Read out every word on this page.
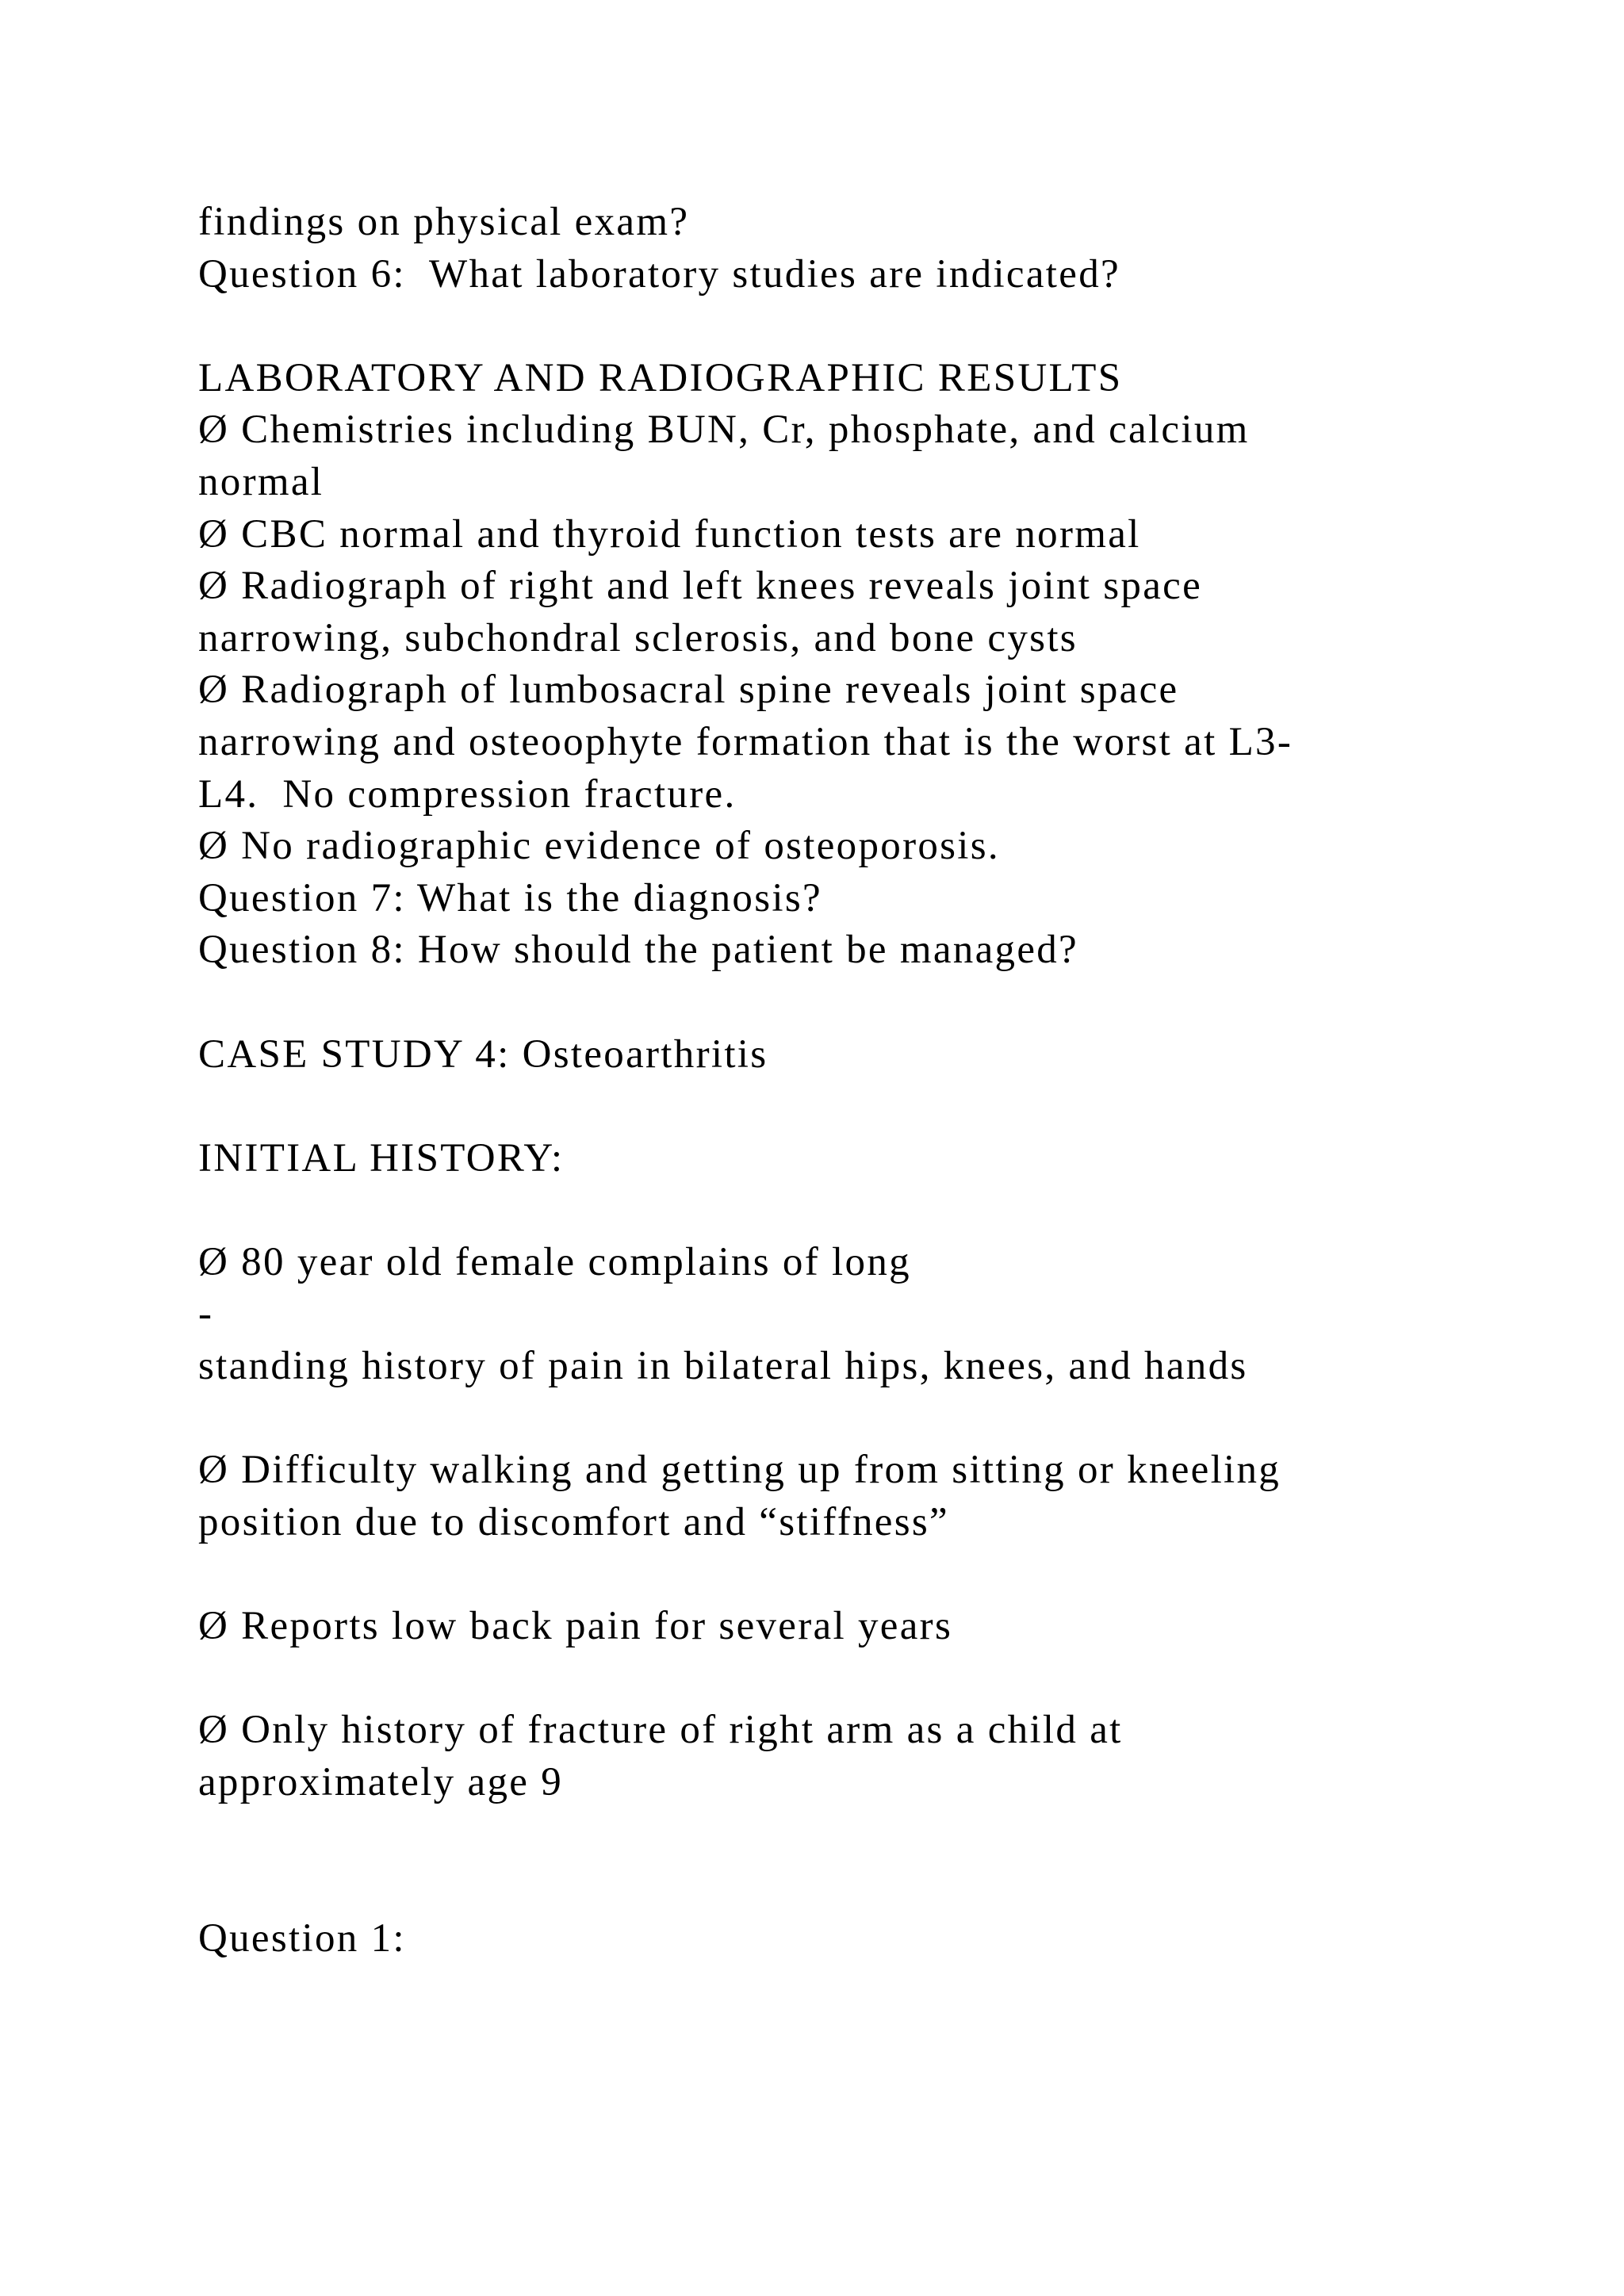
findings on physical exam?
Question 6:  What laboratory studies are indicated?
LABORATORY AND RADIOGRAPHIC RESULTS
Ø Chemistries including BUN, Cr, phosphate, and calcium
normal
Ø CBC normal and thyroid function tests are normal
Ø Radiograph of right and left knees reveals joint space
narrowing, subchondral sclerosis, and bone cysts
Ø Radiograph of lumbosacral spine reveals joint space
narrowing and osteoophyte formation that is the worst at L3-
L4.  No compression fracture.
Ø No radiographic evidence of osteoporosis.
Question 7: What is the diagnosis?
Question 8: How should the patient be managed?
CASE STUDY 4: Osteoarthritis
INITIAL HISTORY:
Ø 80 year old female complains of long
-
standing history of pain in bilateral hips, knees, and hands
Ø Difficulty walking and getting up from sitting or kneeling
position due to discomfort and “stiffness”
Ø Reports low back pain for several years
Ø Only history of fracture of right arm as a child at
approximately age 9
Question 1:
